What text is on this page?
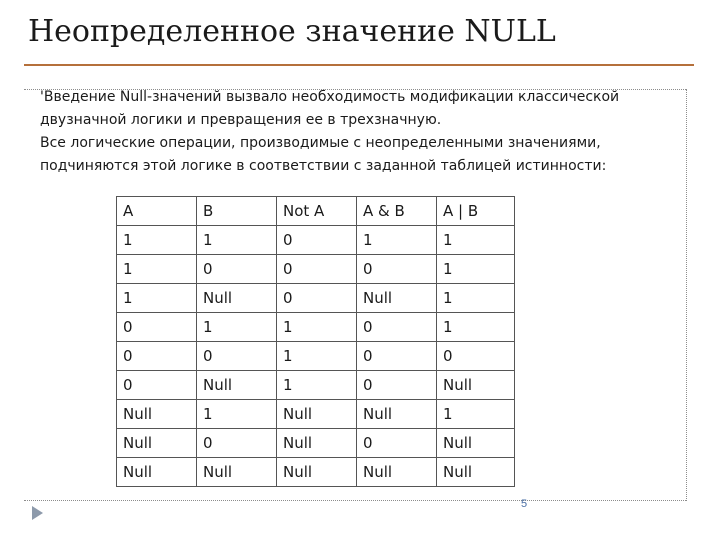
Неопределенное значение NULL
'Введение Null-значений вызвало необходимость модификации классической
двузначной логики и превращения ее в трехзначную.
Все логические операции, производимые с неопределенными значениями,
подчиняются этой логике в соответствии с заданной таблицей истинности:
A	B	Not A	A & B	A | B
1	1	0	1	1
1	0	0	0	1
1	Null	0	Null	1
0	1	1	0	1
0	0	1	0	0
0	Null	1	0	Null
Null	1	Null	Null	1
Null	0	Null	0	Null
Null	Null	Null	Null	Null
5
